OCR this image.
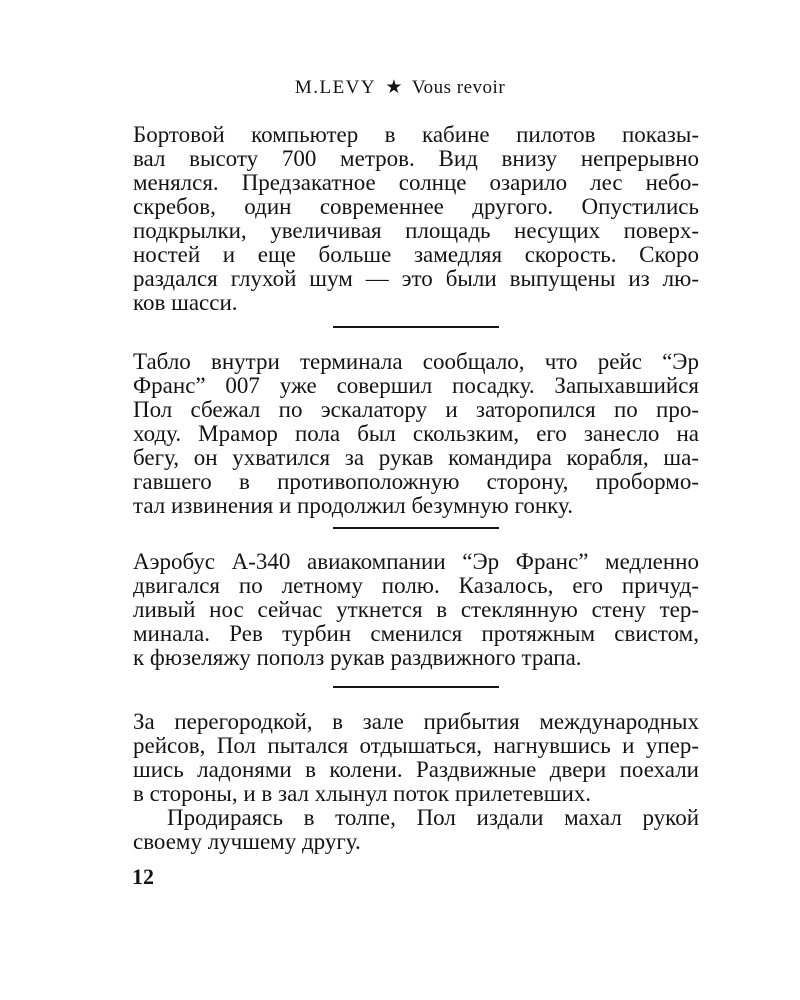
M.LEVY ★ Vous revoir
Бортовой компьютер в кабине пилотов показы-
вал высоту 700 метров. Вид внизу непрерывно
менялся. Предзакатное солнце озарило лес небо-
скребов, один современнее другого. Опустились
подкрылки, увеличивая площадь несущих поверх-
ностей и еще больше замедляя скорость. Скоро
раздался глухой шум — это были выпущены из лю-
ков шасси.
Табло внутри терминала сообщало, что рейс “Эр
Франс” 007 уже совершил посадку. Запыхавшийся
Пол сбежал по эскалатору и заторопился по про-
ходу. Мрамор пола был скользким, его занесло на
бегу, он ухватился за рукав командира корабля, ша-
гавшего в противоположную сторону, пробормо-
тал извинения и продолжил безумную гонку.
Аэробус А-340 авиакомпании “Эр Франс” медленно
двигался по летному полю. Казалось, его причуд-
ливый нос сейчас уткнется в стеклянную стену тер-
минала. Рев турбин сменился протяжным свистом,
к фюзеляжу пополз рукав раздвижного трапа.
За перегородкой, в зале прибытия международных
рейсов, Пол пытался отдышаться, нагнувшись и упер-
шись ладонями в колени. Раздвижные двери поехали
в стороны, и в зал хлынул поток прилетевших.
Продираясь в толпе, Пол издали махал рукой
своему лучшему другу.
12
